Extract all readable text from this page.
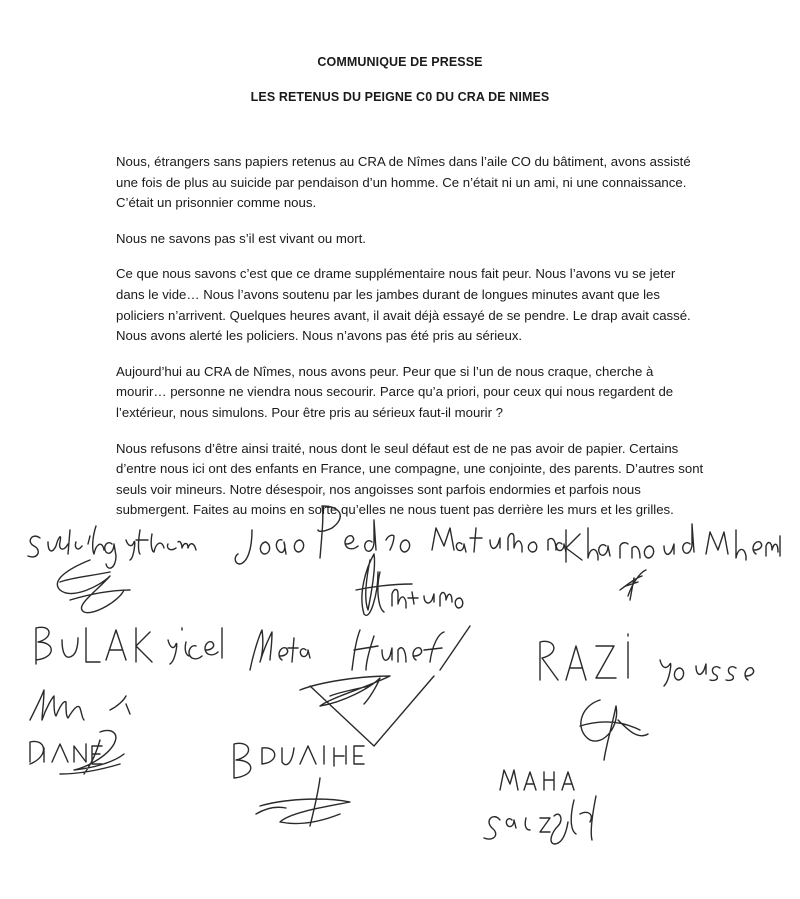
COMMUNIQUE DE PRESSE
LES RETENUS DU PEIGNE C0 DU CRA DE NIMES

Nous, étrangers sans papiers retenus au CRA de Nîmes dans l’aile CO du bâtiment, avons assisté une fois de plus au suicide par pendaison d’un homme. Ce n’était ni un ami, ni une connaissance. C’était un prisonnier comme nous.

Nous ne savons pas s’il est vivant ou mort.

Ce que nous savons c’est que ce drame supplémentaire nous fait peur. Nous l’avons vu se jeter dans le vide… Nous l’avons soutenu par les jambes durant de longues minutes avant que les policiers n’arrivent. Quelques heures avant, il avait déjà essayé de se pendre. Le drap avait cassé. Nous avons alerté les policiers. Nous n’avons pas été pris au sérieux.

Aujourd’hui au CRA de Nîmes, nous avons peur. Peur que si l’un de nous craque, cherche à mourir… personne ne viendra nous secourir. Parce qu’a priori, pour ceux qui nous regardent de l’extérieur, nous simulons. Pour être pris au sérieux faut-il mourir ?

Nous refusons d’être ainsi traité, nous dont le seul défaut est de ne pas avoir de papier. Certains d’entre nous ici ont des enfants en France, une compagne, une conjointe, des parents. D’autres sont seuls voir mineurs. Notre désespoir, nos angoisses sont parfois endormies et parfois nous submergent. Faites au moins en sorte qu’elles ne nous tuent pas derrière les murs et les grilles.
